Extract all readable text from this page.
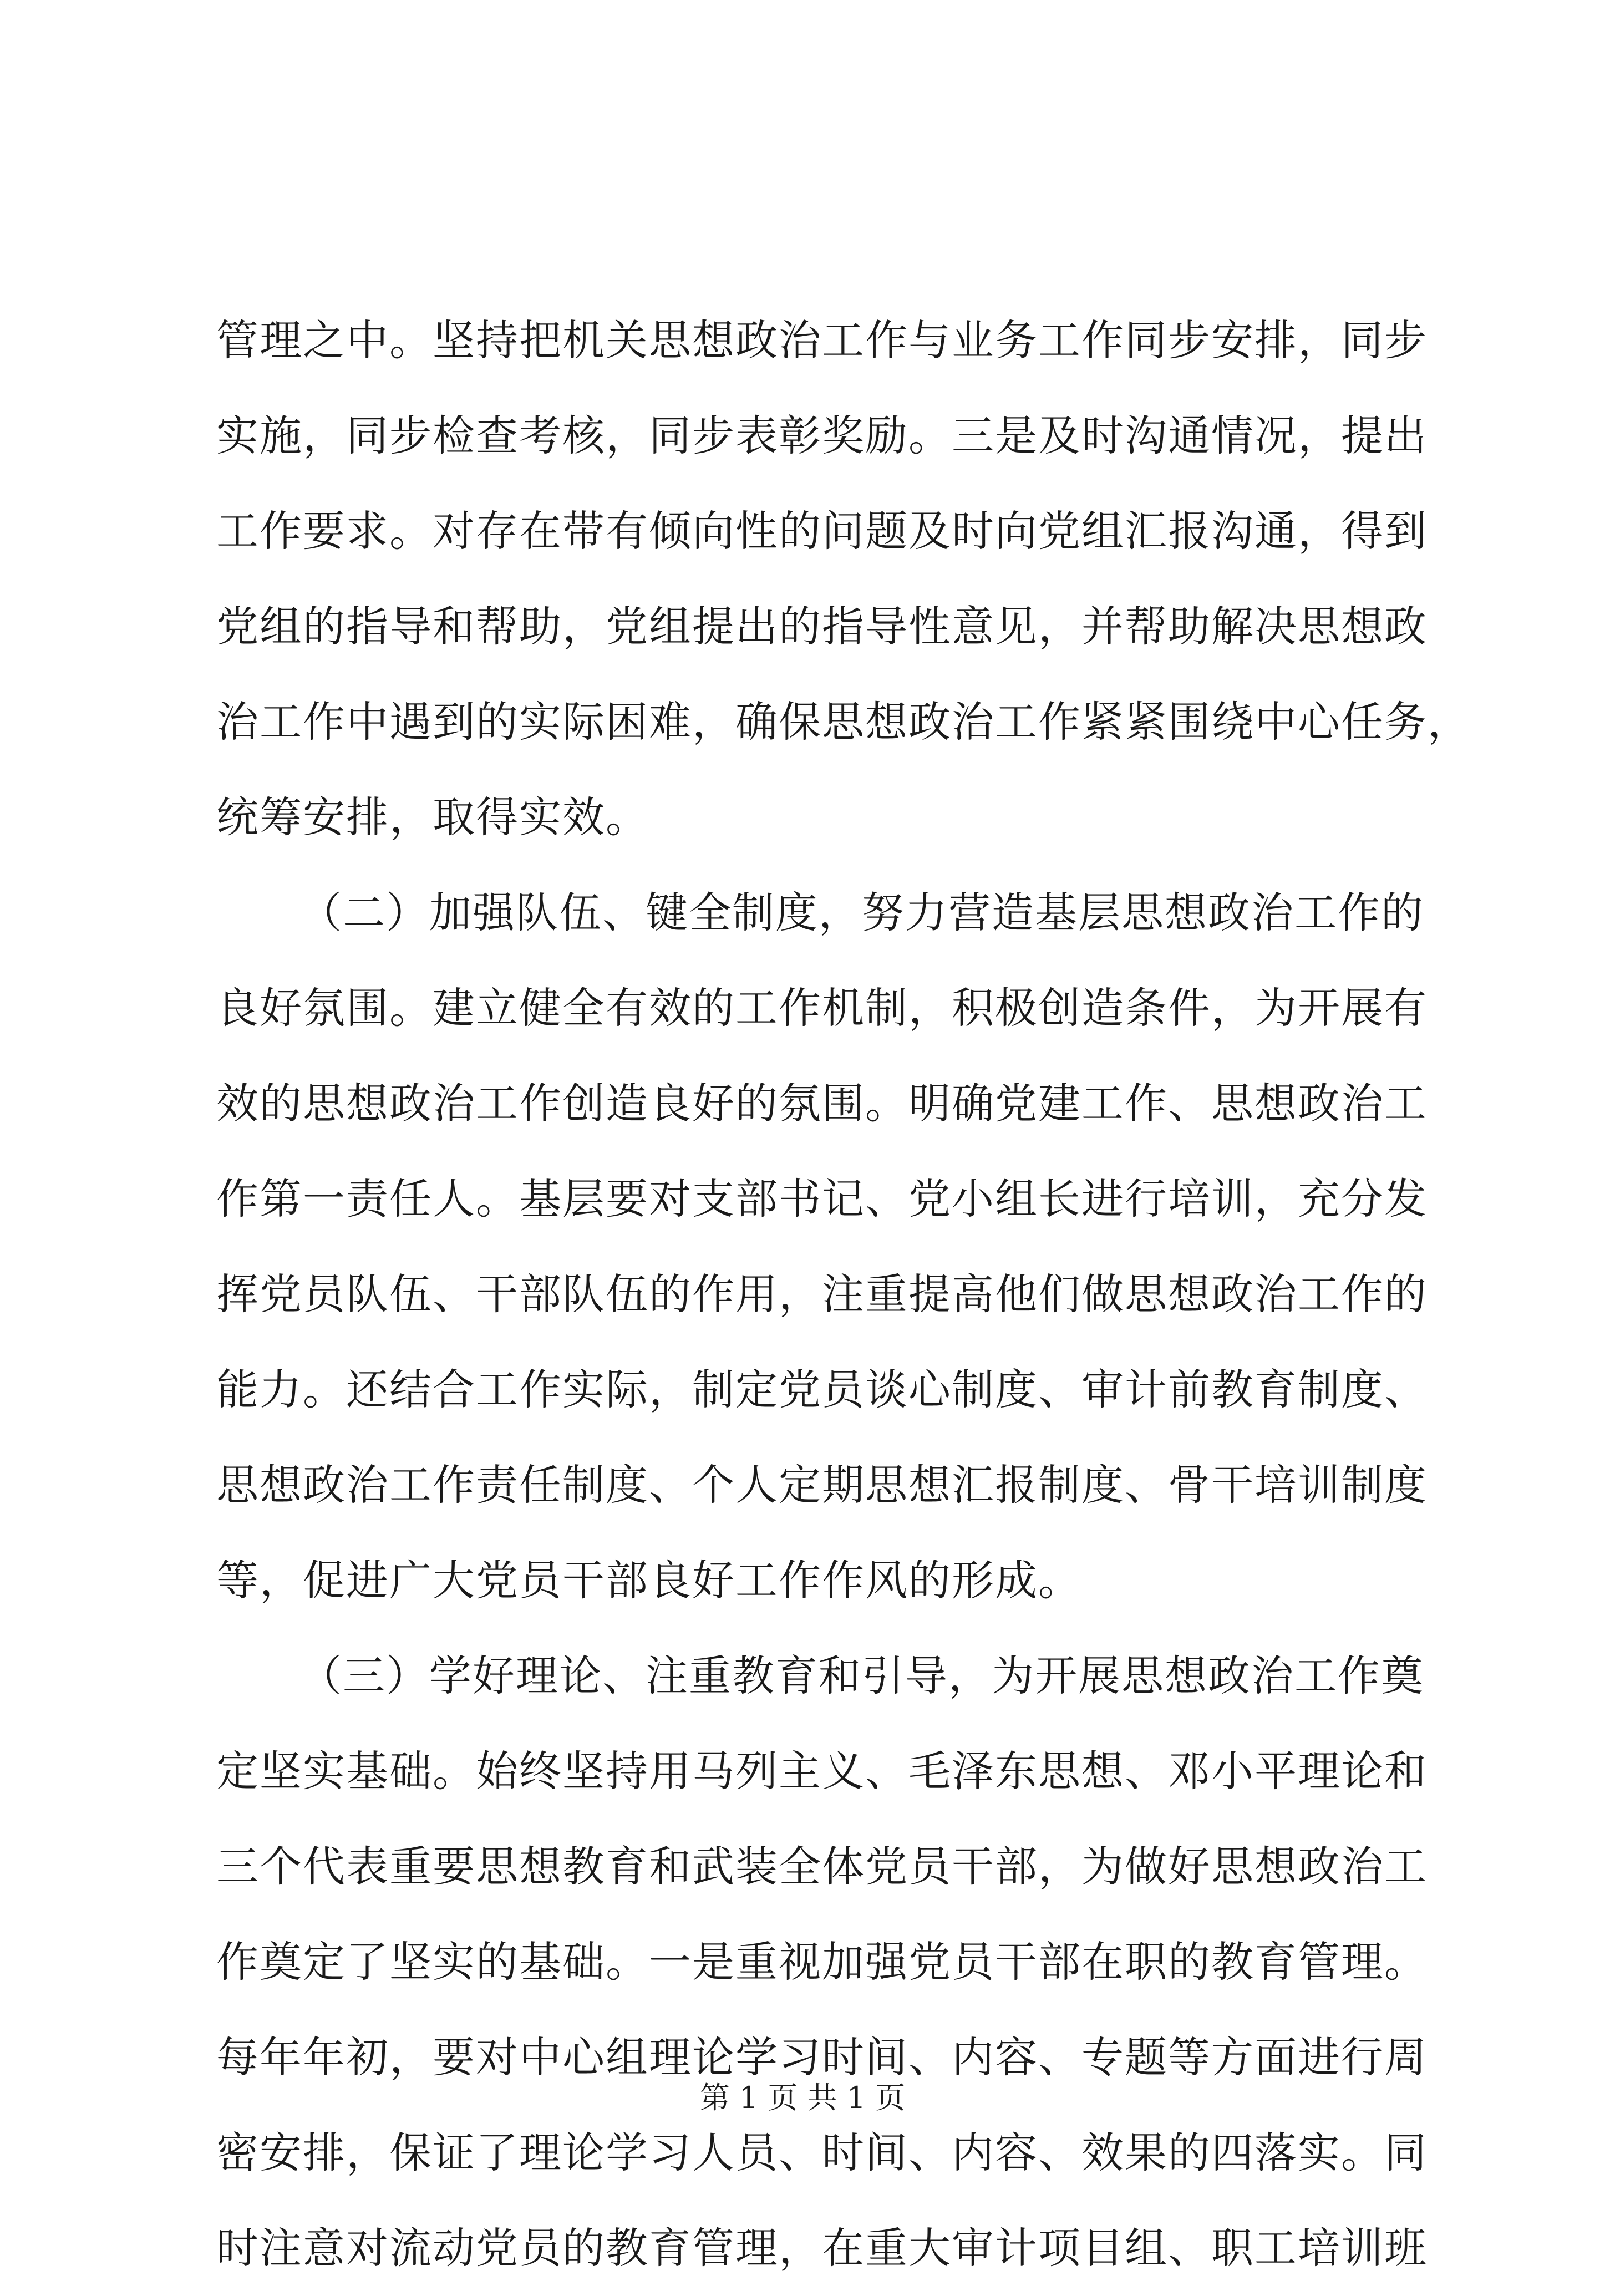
管理之中。坚持把机关思想政治工作与业务工作同步安排，同步
实施，同步检查考核，同步表彰奖励。三是及时沟通情况，提出
工作要求。对存在带有倾向性的问题及时向党组汇报沟通，得到
党组的指导和帮助，党组提出的指导性意见，并帮助解决思想政
治工作中遇到的实际困难，确保思想政治工作紧紧围绕中心任务，
统筹安排，取得实效。
（二）加强队伍、键全制度，努力营造基层思想政治工作的
良好氛围。建立健全有效的工作机制，积极创造条件，为开展有
效的思想政治工作创造良好的氛围。明确党建工作、思想政治工
作第一责任人。基层要对支部书记、党小组长进行培训，充分发
挥党员队伍、干部队伍的作用，注重提高他们做思想政治工作的
能力。还结合工作实际，制定党员谈心制度、审计前教育制度、
思想政治工作责任制度、个人定期思想汇报制度、骨干培训制度
等，促进广大党员干部良好工作作风的形成。
（三）学好理论、注重教育和引导，为开展思想政治工作奠
定坚实基础。始终坚持用马列主义、毛泽东思想、邓小平理论和
三个代表重要思想教育和武装全体党员干部，为做好思想政治工
作奠定了坚实的基础。一是重视加强党员干部在职的教育管理。
每年年初，要对中心组理论学习时间、内容、专题等方面进行周
密安排，保证了理论学习人员、时间、内容、效果的四落实。同
时注意对流动党员的教育管理，在重大审计项目组、职工培训班
第 1 页 共 1 页
